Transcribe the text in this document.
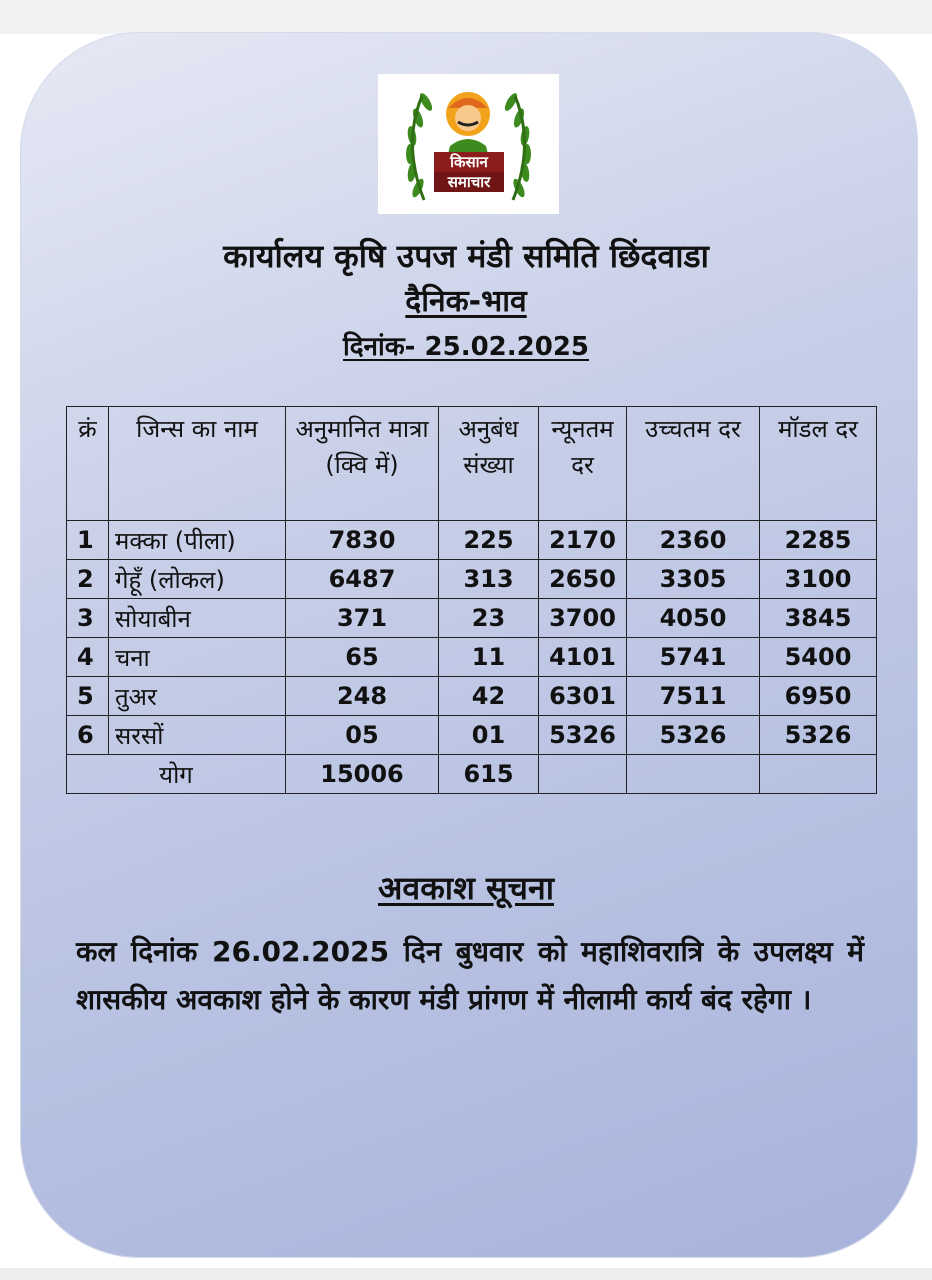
किसान
समाचार
कार्यालय कृषि उपज मंडी समिति छिंदवाडा
दैनिक-भाव
दिनांक- 25.02.2025
क्रं	जिन्स का नाम	अनुमानित मात्रा (क्वि में)	अनुबंध संख्या	न्यूनतम दर	उच्चतम दर	मॉडल दर
1	मक्का (पीला)	7830	225	2170	2360	2285
2	गेहूँ (लोकल)	6487	313	2650	3305	3100
3	सोयाबीन	371	23	3700	4050	3845
4	चना	65	11	4101	5741	5400
5	तुअर	248	42	6301	7511	6950
6	सरसों	05	01	5326	5326	5326
योग		15006	615			
अवकाश सूचना
कल दिनांक 26.02.2025 दिन बुधवार को महाशिवरात्रि के उपलक्ष्य में शासकीय अवकाश होने के कारण मंडी प्रांगण में नीलामी कार्य बंद रहेगा ।
